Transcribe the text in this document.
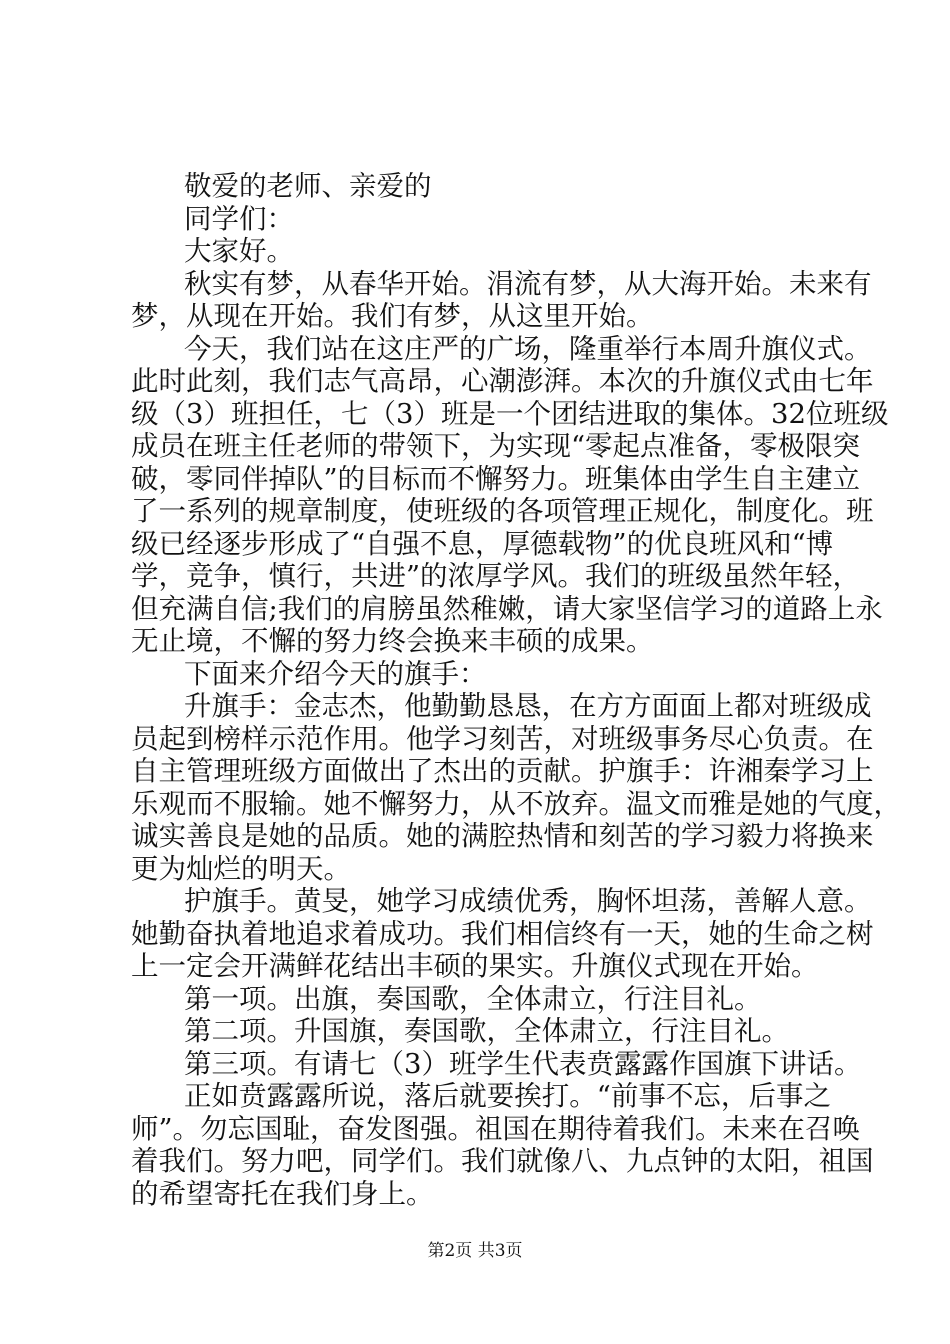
敬爱的老师、亲爱的
同学们：
大家好。
秋实有梦，从春华开始。涓流有梦，从大海开始。未来有
梦，从现在开始。我们有梦，从这里开始。
今天，我们站在这庄严的广场，隆重举行本周升旗仪式。
此时此刻，我们志气高昂，心潮澎湃。本次的升旗仪式由七年
级（3）班担任，七（3）班是一个团结进取的集体。32位班级
成员在班主任老师的带领下，为实现“零起点准备，零极限突
破，零同伴掉队”的目标而不懈努力。班集体由学生自主建立
了一系列的规章制度，使班级的各项管理正规化，制度化。班
级已经逐步形成了“自强不息，厚德载物”的优良班风和“博
学，竞争，慎行，共进”的浓厚学风。我们的班级虽然年轻，
但充满自信;我们的肩膀虽然稚嫩，请大家坚信学习的道路上永
无止境，不懈的努力终会换来丰硕的成果。
下面来介绍今天的旗手：
升旗手：金志杰，他勤勤恳恳，在方方面面上都对班级成
员起到榜样示范作用。他学习刻苦，对班级事务尽心负责。在
自主管理班级方面做出了杰出的贡献。护旗手：许湘秦学习上
乐观而不服输。她不懈努力，从不放弃。温文而雅是她的气度，
诚实善良是她的品质。她的满腔热情和刻苦的学习毅力将换来
更为灿烂的明天。
护旗手。黄旻，她学习成绩优秀，胸怀坦荡，善解人意。
她勤奋执着地追求着成功。我们相信终有一天，她的生命之树
上一定会开满鲜花结出丰硕的果实。升旗仪式现在开始。
第一项。出旗，奏国歌，全体肃立，行注目礼。
第二项。升国旗，奏国歌，全体肃立，行注目礼。
第三项。有请七（3）班学生代表贲露露作国旗下讲话。
正如贲露露所说，落后就要挨打。“前事不忘，后事之
师”。勿忘国耻，奋发图强。祖国在期待着我们。未来在召唤
着我们。努力吧，同学们。我们就像八、九点钟的太阳，祖国
的希望寄托在我们身上。
第2页 共3页
